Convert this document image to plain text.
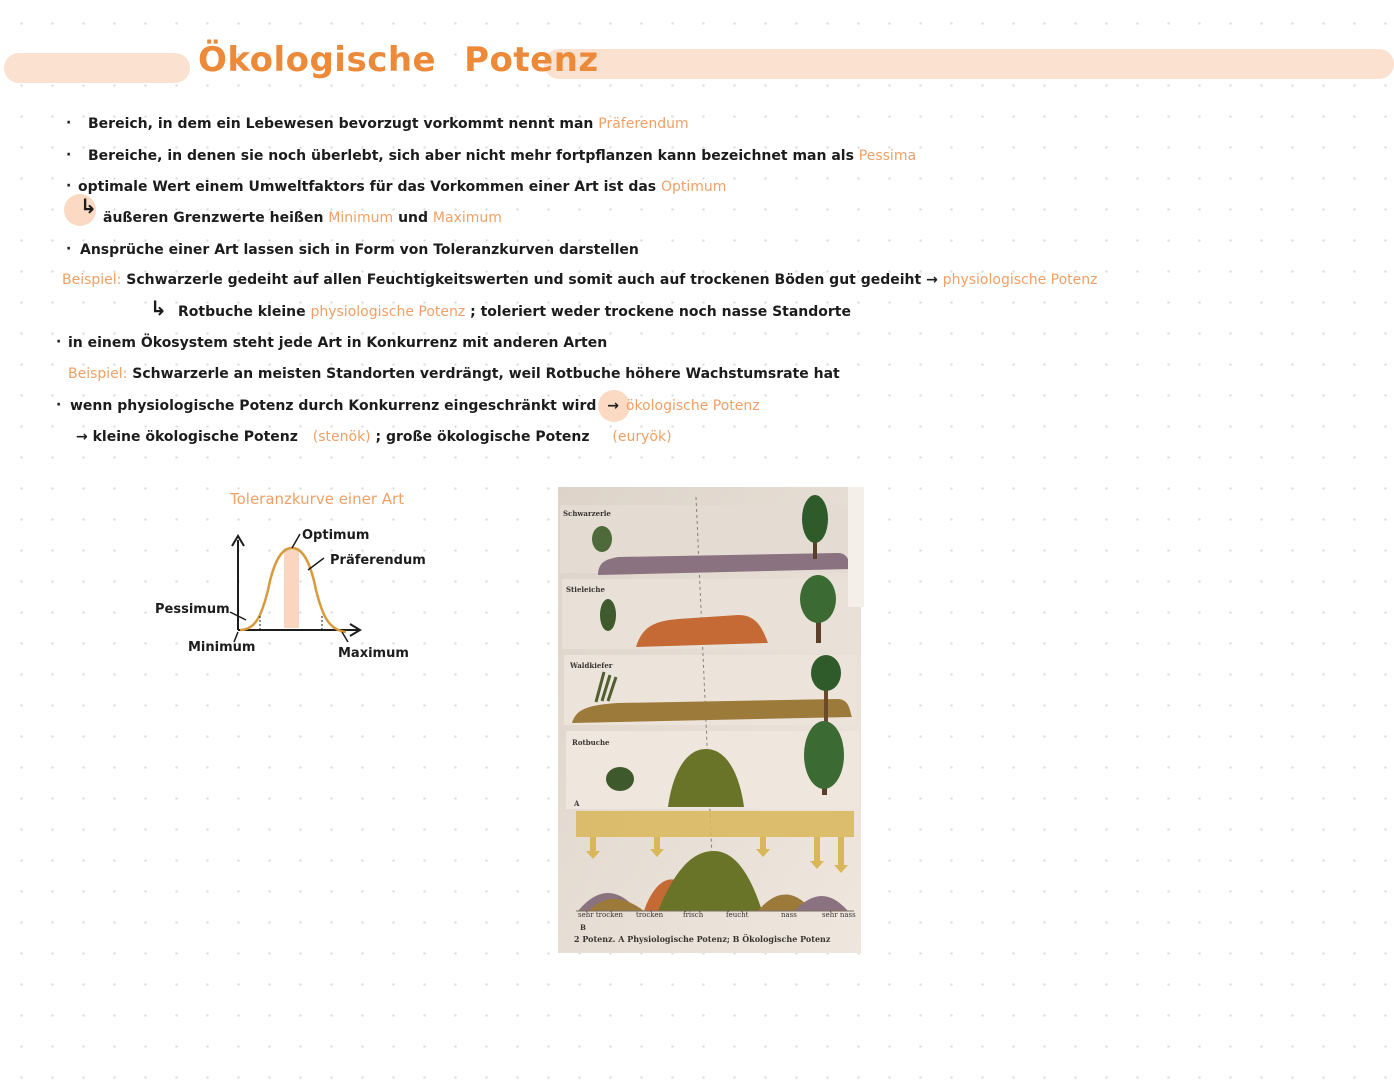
Ökologische Potenz
· Bereich, in dem ein Lebewesen bevorzugt vorkommt nennt man Präferendum
· Bereiche, in denen sie noch überlebt, sich aber nicht mehr fortpflanzen kann bezeichnet man als Pessima
· optimale Wert einem Umweltfaktors für das Vorkommen einer Art ist das Optimum
↳ äußeren Grenzwerte heißen Minimum und Maximum
· Ansprüche einer Art lassen sich in Form von Toleranzkurven darstellen
Beispiel: Schwarzerle gedeiht auf allen Feuchtigkeitswerten und somit auch auf trockenen Böden gut gedeiht → physiologische Potenz
↳ Rotbuche kleine physiologische Potenz ; toleriert weder trockene noch nasse Standorte
· in einem Ökosystem steht jede Art in Konkurrenz mit anderen Arten
Beispiel: Schwarzerle an meisten Standorten verdrängt, weil Rotbuche höhere Wachstumsrate hat
· wenn physiologische Potenz durch Konkurrenz eingeschränkt wird → ökologische Potenz
→ kleine ökologische Potenz (stenök) ; große ökologische Potenz (euryök)
Toleranzkurve einer Art
Optimum
Präferendum
Pessimum
Minimum	Maximum
Schwarzerle
Stieleiche
Waldkiefer
Rotbuche
A
sehr trocken trocken	frisch	feucht	nass	sehr nass
B
2 Potenz. A Physiologische Potenz; B Ökologische Potenz
